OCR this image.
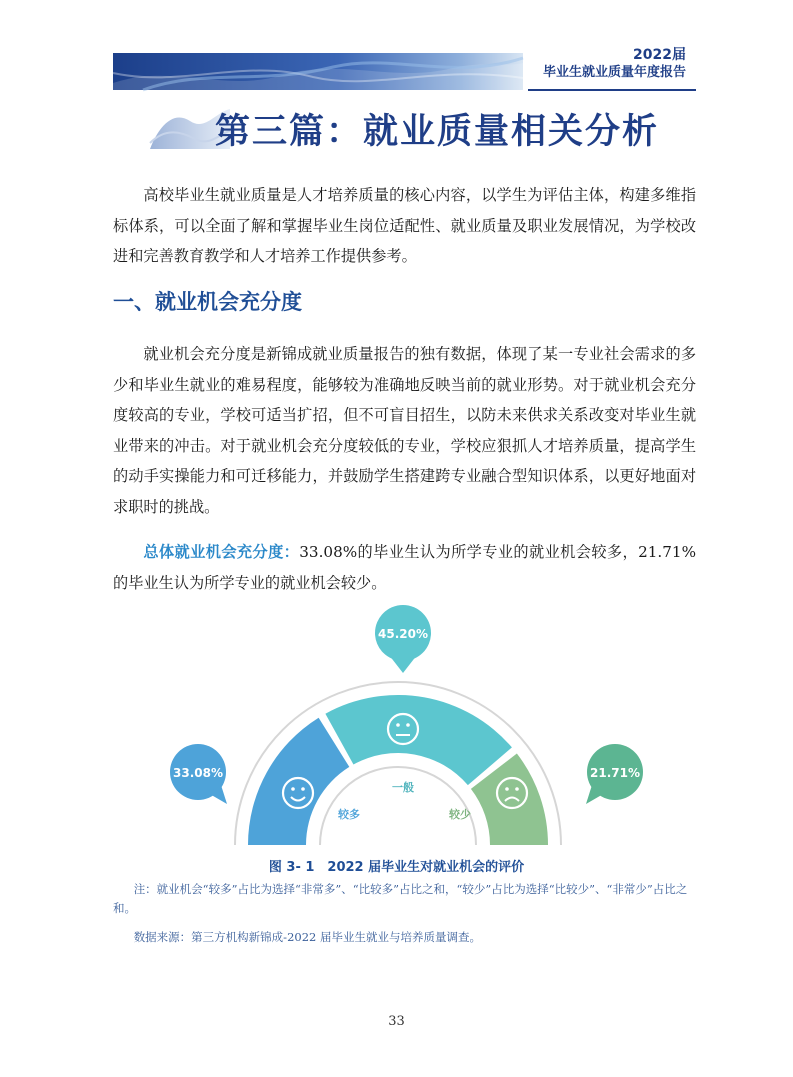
2022届
毕业生就业质量年度报告
第三篇：就业质量相关分析

高校毕业生就业质量是人才培养质量的核心内容，以学生为评估主体，构建多维指标体系，可以全面了解和掌握毕业生岗位适配性、就业质量及职业发展情况，为学校改进和完善教育教学和人才培养工作提供参考。

一、就业机会充分度

就业机会充分度是新锦成就业质量报告的独有数据，体现了某一专业社会需求的多少和毕业生就业的难易程度，能够较为准确地反映当前的就业形势。对于就业机会充分度较高的专业，学校可适当扩招，但不可盲目招生，以防未来供求关系改变对毕业生就业带来的冲击。对于就业机会充分度较低的专业，学校应狠抓人才培养质量，提高学生的动手实操能力和可迁移能力，并鼓励学生搭建跨专业融合型知识体系，以更好地面对求职时的挑战。

总体就业机会充分度：33.08%的毕业生认为所学专业的就业机会较多，21.71%的毕业生认为所学专业的就业机会较少。

较多
一般
较少
45.20%
33.08%	21.71%
图 3- 1　2022 届毕业生对就业机会的评价
注：就业机会“较多”占比为选择“非常多”、“比较多”占比之和，“较少”占比为选择“比较少”、“非常少”占比之和。
数据来源：第三方机构新锦成-2022 届毕业生就业与培养质量调查。
33
